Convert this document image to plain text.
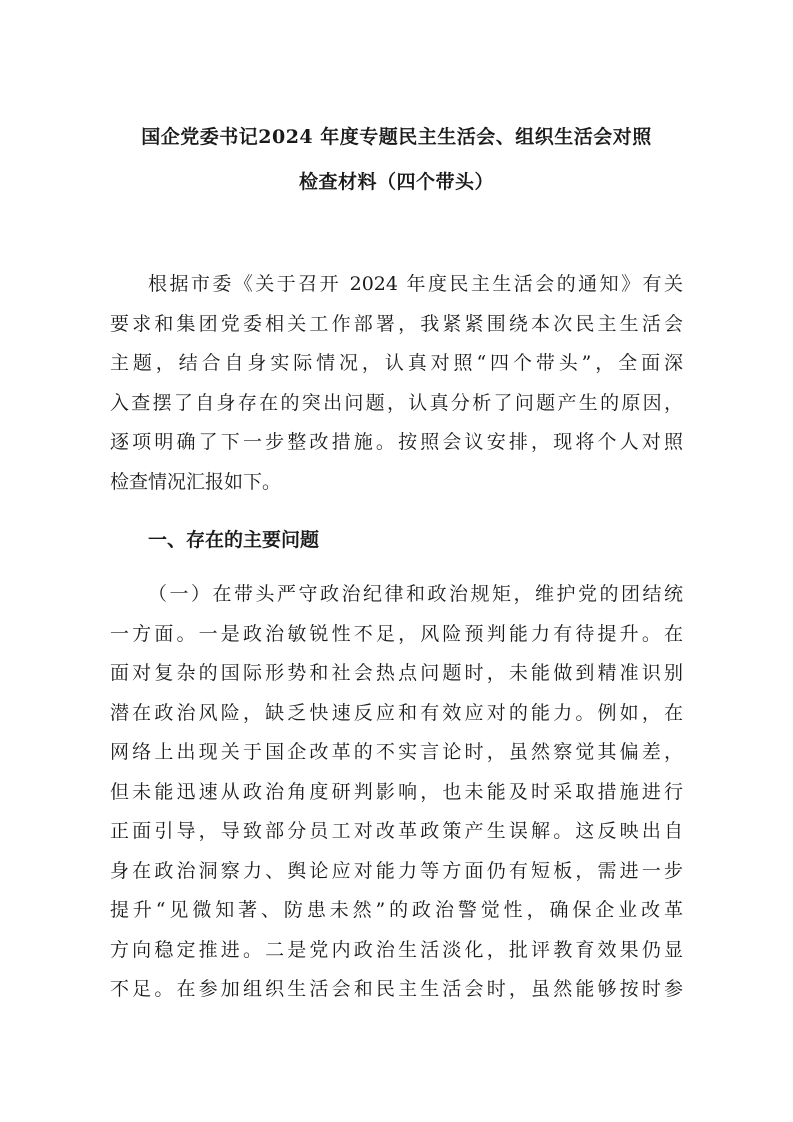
国企党委书记2024 年度专题民主生活会、组织生活会对照
检查材料（四个带头）
根据市委《关于召开 2024 年度民主生活会的通知》有关
要求和集团党委相关工作部署，我紧紧围绕本次民主生活会
主题，结合自身实际情况，认真对照“四个带头”，全面深
入查摆了自身存在的突出问题，认真分析了问题产生的原因，
逐项明确了下一步整改措施。按照会议安排，现将个人对照
检查情况汇报如下。
一、存在的主要问题
（一）在带头严守政治纪律和政治规矩，维护党的团结统
一方面。一是政治敏锐性不足，风险预判能力有待提升。在
面对复杂的国际形势和社会热点问题时，未能做到精准识别
潜在政治风险，缺乏快速反应和有效应对的能力。例如，在
网络上出现关于国企改革的不实言论时，虽然察觉其偏差，
但未能迅速从政治角度研判影响，也未能及时采取措施进行
正面引导，导致部分员工对改革政策产生误解。这反映出自
身在政治洞察力、舆论应对能力等方面仍有短板，需进一步
提升“见微知著、防患未然”的政治警觉性，确保企业改革
方向稳定推进。二是党内政治生活淡化，批评教育效果仍显
不足。在参加组织生活会和民主生活会时，虽然能够按时参
